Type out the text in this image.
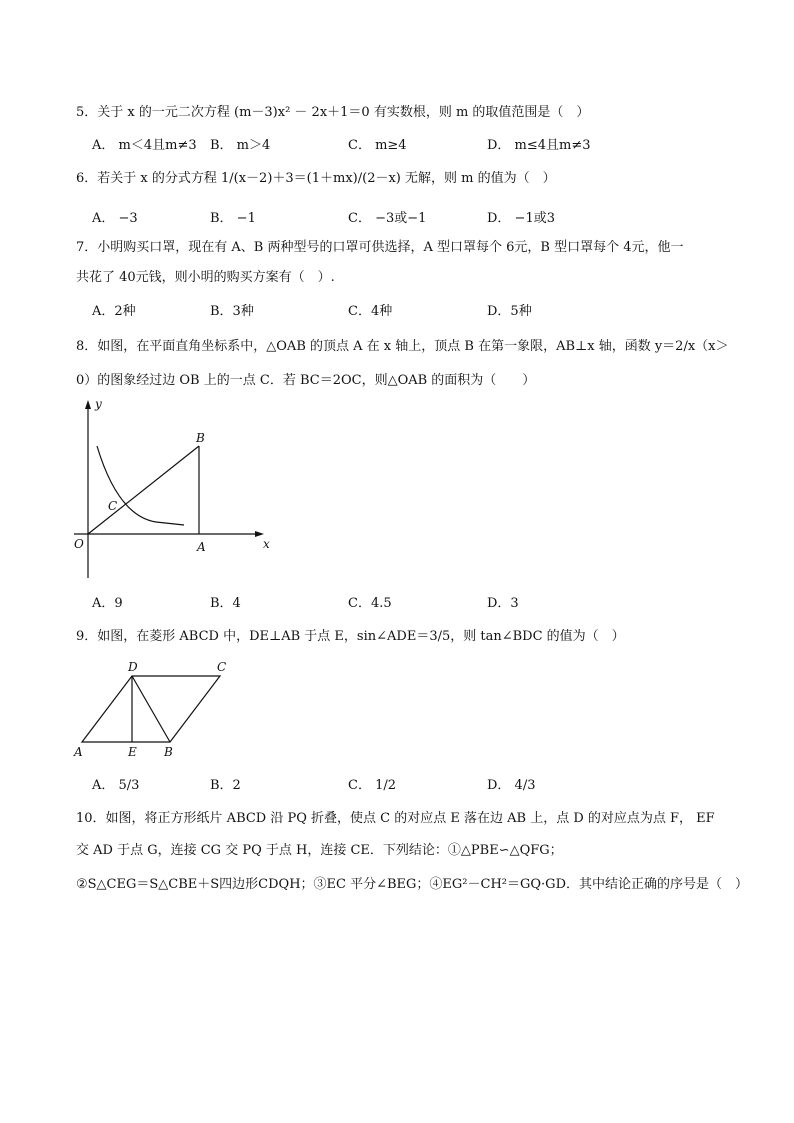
5．关于 x 的一元二次方程 (m－3)x² － 2x＋1＝0 有实数根，则 m 的取值范围是（　）
A． m＜4且m≠3 B． m＞4	C． m≥4	D． m≤4且m≠3
6．若关于 x 的分式方程 1/(x－2)＋3＝(1＋mx)/(2－x) 无解，则 m 的值为（　）
A． −3	B． −1	C． −3或−1	D． −1或3
7．小明购买口罩，现在有 A、B 两种型号的口罩可供选择，A 型口罩每个 6元，B 型口罩每个 4元，他一
共花了 40元钱，则小明的购买方案有（　）.
A．2种	B．3种	C．4种	D．5种
8．如图，在平面直角坐标系中，△OAB 的顶点 A 在 x 轴上，顶点 B 在第一象限，AB⊥x 轴，函数 y＝2/x（x＞
0）的图象经过边 OB 上的一点 C．若 BC＝2OC，则△OAB 的面积为（　　）
y
x
O	A
B
C
A．9	B．4	C．4.5	D．3
9．如图，在菱形 ABCD 中，DE⊥AB 于点 E，sin∠ADE＝3/5，则 tan∠BDC 的值为（　）
A	E B
D	C
A． 5/3	B．2	C． 1/2	D． 4/3
10．如图，将正方形纸片 ABCD 沿 PQ 折叠，使点 C 的对应点 E 落在边 AB 上，点 D 的对应点为点 F， EF
交 AD 于点 G，连接 CG 交 PQ 于点 H，连接 CE．下列结论：①△PBE∽△QFG；
②S△CEG＝S△CBE＋S四边形CDQH；③EC 平分∠BEG；④EG²－CH²＝GQ·GD．其中结论正确的序号是（　）
